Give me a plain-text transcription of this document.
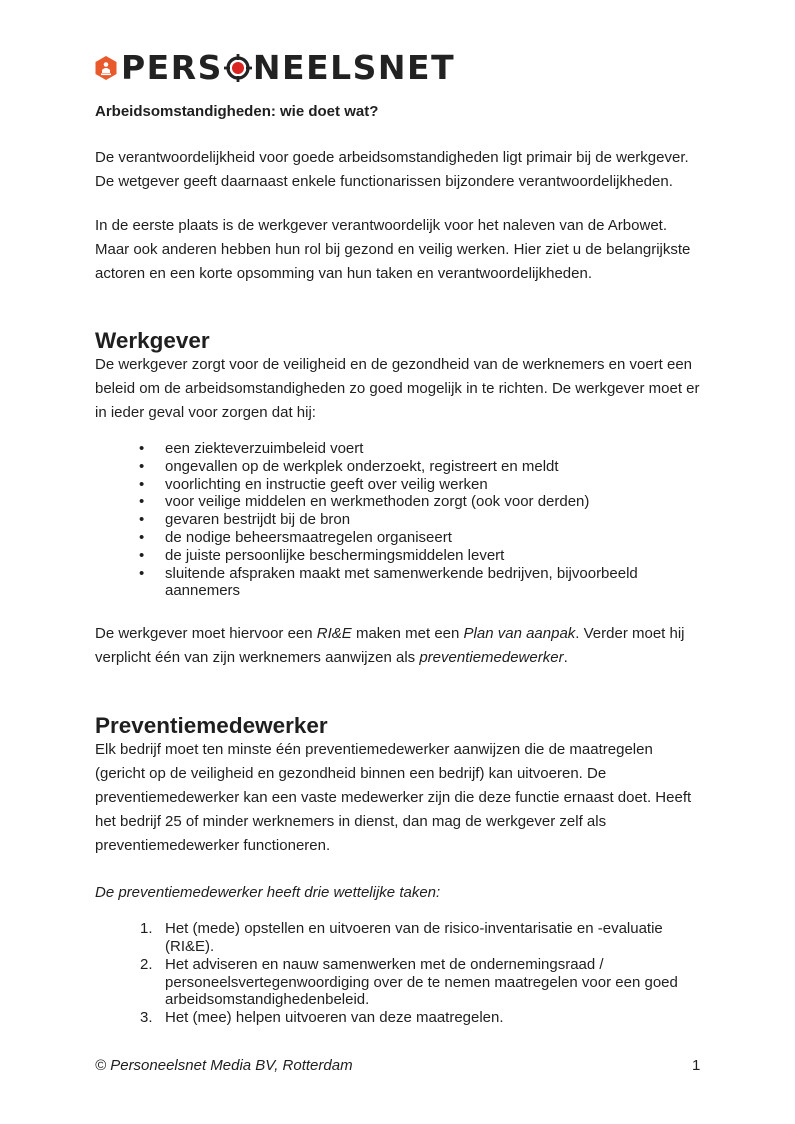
PERS NEELSNET
Arbeidsomstandigheden: wie doet wat?

De verantwoordelijkheid voor goede arbeidsomstandigheden ligt primair bij de werkgever. De wetgever geeft daarnaast enkele functionarissen bijzondere verantwoordelijkheden.

In de eerste plaats is de werkgever verantwoordelijk voor het naleven van de Arbowet. Maar ook anderen hebben hun rol bij gezond en veilig werken. Hier ziet u de belangrijkste actoren en een korte opsomming van hun taken en verantwoordelijkheden.

Werkgever

De werkgever zorgt voor de veiligheid en de gezondheid van de werknemers en voert een beleid om de arbeidsomstandigheden zo goed mogelijk in te richten. De werkgever moet er in ieder geval voor zorgen dat hij:

• een ziekteverzuimbeleid voert
• ongevallen op de werkplek onderzoekt, registreert en meldt
• voorlichting en instructie geeft over veilig werken
• voor veilige middelen en werkmethoden zorgt (ook voor derden)
• gevaren bestrijdt bij de bron
• de nodige beheersmaatregelen organiseert
• de juiste persoonlijke beschermingsmiddelen levert
• sluitende afspraken maakt met samenwerkende bedrijven, bijvoorbeeld aannemers

De werkgever moet hiervoor een RI&E maken met een Plan van aanpak. Verder moet hij verplicht één van zijn werknemers aanwijzen als preventiemedewerker.

Preventiemedewerker

Elk bedrijf moet ten minste één preventiemedewerker aanwijzen die de maatregelen (gericht op de veiligheid en gezondheid binnen een bedrijf) kan uitvoeren. De preventiemedewerker kan een vaste medewerker zijn die deze functie ernaast doet. Heeft het bedrijf 25 of minder werknemers in dienst, dan mag de werkgever zelf als preventiemedewerker functioneren.

De preventiemedewerker heeft drie wettelijke taken:

1. Het (mede) opstellen en uitvoeren van de risico-inventarisatie en -evaluatie (RI&E).
2. Het adviseren en nauw samenwerken met de ondernemingsraad / personeelsvertegenwoordiging over de te nemen maatregelen voor een goed arbeidsomstandighedenbeleid.
3. Het (mee) helpen uitvoeren van deze maatregelen.
© Personeelsnet Media BV, Rotterdam	1
